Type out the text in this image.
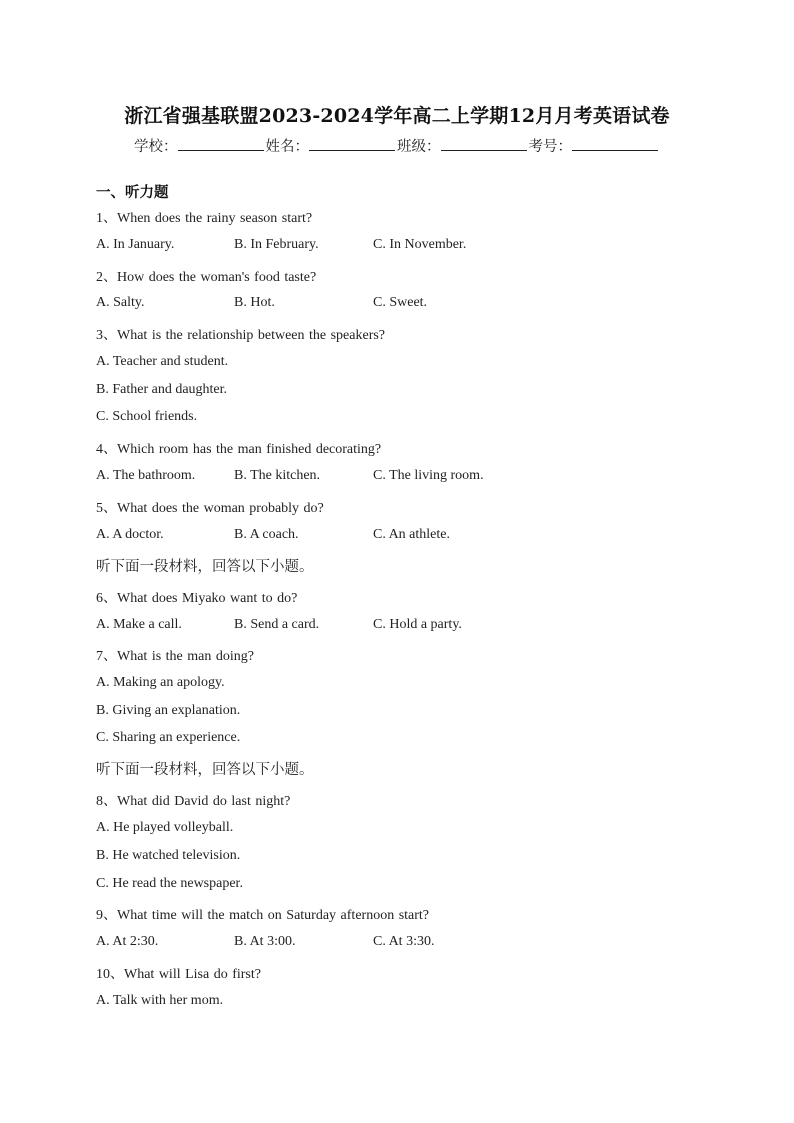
浙江省强基联盟2023-2024学年高二上学期12月月考英语试卷
学校：	姓名：	班级：	考号：
一、听力题
1、When does the rainy season start?
A. In January.	B. In February.	C. In November.
2、How does the woman's food taste?
A. Salty.	B. Hot.	C. Sweet.
3、What is the relationship between the speakers?
A. Teacher and student.
B. Father and daughter.
C. School friends.
4、Which room has the man finished decorating?
A. The bathroom.	B. The kitchen.	C. The living room.
5、What does the woman probably do?
A. A doctor.	B. A coach.	C. An athlete.
听下面一段材料，回答以下小题。
6、What does Miyako want to do?
A. Make a call.	B. Send a card.	C. Hold a party.
7、What is the man doing?
A. Making an apology.
B. Giving an explanation.
C. Sharing an experience.
听下面一段材料，回答以下小题。
8、What did David do last night?
A. He played volleyball.
B. He watched television.
C. He read the newspaper.
9、What time will the match on Saturday afternoon start?
A. At 2:30.	B. At 3:00.	C. At 3:30.
10、What will Lisa do first?
A. Talk with her mom.
